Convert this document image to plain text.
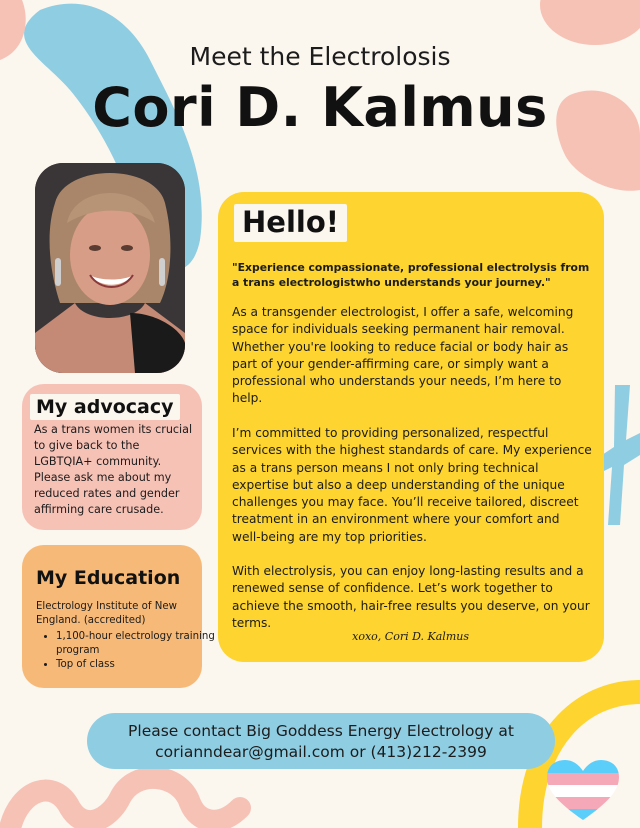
Meet the Electrolosis
Cori D. Kalmus
My advocacy

As a trans women its crucial to give back to the LGBTQIA+ community. Please ask me about my reduced rates and gender affirming care crusade.

My Education

Electrology Institute of New England. (accredited)

• 1,100-hour electrology training program
• Top of class
Hello!

"Experience compassionate, professional electrolysis from a trans electrologistwho understands your journey."

As a transgender electrologist, I offer a safe, welcoming space for individuals seeking permanent hair removal. Whether you're looking to reduce facial or body hair as part of your gender-affirming care, or simply want a professional who understands your needs, I’m here to help.

I’m committed to providing personalized, respectful services with the highest standards of care. My experience as a trans person means I not only bring technical expertise but also a deep understanding of the unique challenges you may face. You’ll receive tailored, discreet treatment in an environment where your comfort and well-being are my top priorities.

With electrolysis, you can enjoy long-lasting results and a renewed sense of confidence. Let’s work together to achieve the smooth, hair-free results you deserve, on your terms.

xoxo, Cori D. Kalmus

Please contact Big Goddess Energy Electrology at
corianndear@gmail.com or (413)212-2399
